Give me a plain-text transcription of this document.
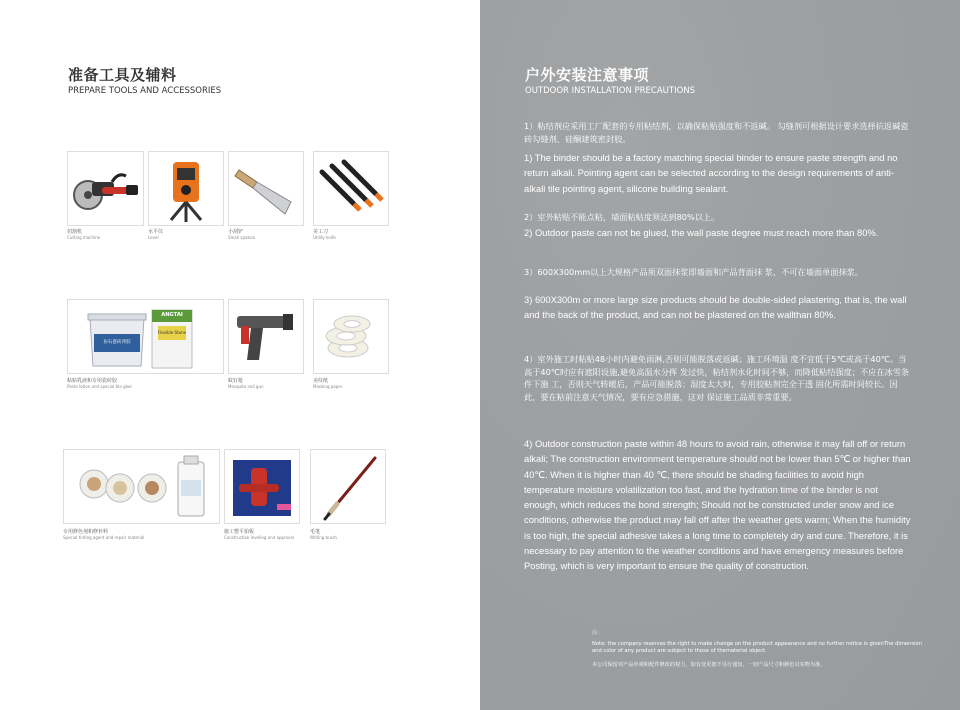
准备工具及辅料
PREPARE TOOLS AND ACCESSORIES
切割机
Cutting machine
水平仪
Level
小刮铲
Small spatula
美工刀
Utility knife
仿石瓷砖背胶
ANGTAI
Flexible Stone
粘贴乳液和专用瓷砖胶
Paste lotion and special tile glue
蚊钉枪
Mosquito nail gun
美纹纸
Masking paper
专用修色剂和修补料
Special tinting agent and repair material
施工整平拍板
Construction leveling and approval
毛笔
Writing brush
户外安装注意事项
OUTDOOR INSTALLATION PRECAUTIONS
1）粘结剂应采用工厂配套的专用粘结剂，以确保粘贴强度和不返碱。 勾缝剂可根据设计要求选择抗返碱瓷砖勾缝剂、硅酮建筑密封胶。
1) The binder should be a factory matching special binder to ensure paste strength and no return alkali. Pointing agent can be selected according to the design requirements of anti-alkali tile pointing agent, silicone building sealant.
2）室外粘贴不能点粘，墙面粘贴度须达到80%以上。
2) Outdoor paste can not be glued, the wall paste degree must reach more than 80%.
3）600X300mm以上大规格产品须双面抹浆即墙面和产品背面抹 浆，不可在墙面单面抹浆。
3) 600X300m or more large size products should be double-sided plastering, that is, the wall and the back of the product, and can not be plastered on the wallthan 80%.
4）室外施工时粘贴48小时内避免雨淋,否则可能脱落或返碱；施工环境温 度不宜低于5℃或高于40℃。当高于40℃时应有遮阳设施,避免高温水分挥 发过快，粘结剂水化时间不够，而降低粘结强度；不应在冰雪条件下施 工，否则天气转暖后，产品可能脱落；湿度太大时，专用胶粘剂完全干透 固化所需时间较长。因此，要在粘前注意天气情况，要有应急措施，这对 保证施工品质非常重要。
4) Outdoor construction paste within 48 hours to avoid rain, otherwise it may fall off or return alkali; The construction environment temperature should not be lower than 5℃ or higher than 40℃. When it is higher than 40 ℃, there should be shading facilities to avoid high temperature moisture volatilization too fast, and the hydration time of the binder is not enough, which reduces the bond strength; Should not be constructed under snow and ice conditions, otherwise the product may fall off after the weather gets warm; When the humidity is too high, the special adhesive takes a long time to completely dry and cure. Therefore, it is necessary to pay attention to the weather conditions and have emergency measures before Posting, which is very important to ensure the quality of construction.
注:
Note: the company reserves the right to make change on the product appearance and no further notice is givenThe dimension and color of any product are subject to those of thematerial object.
本公司保留对产品外观和配件修改的权力，如有变更恕不另行通知。一切产品尺寸和颜色以实物为准。
